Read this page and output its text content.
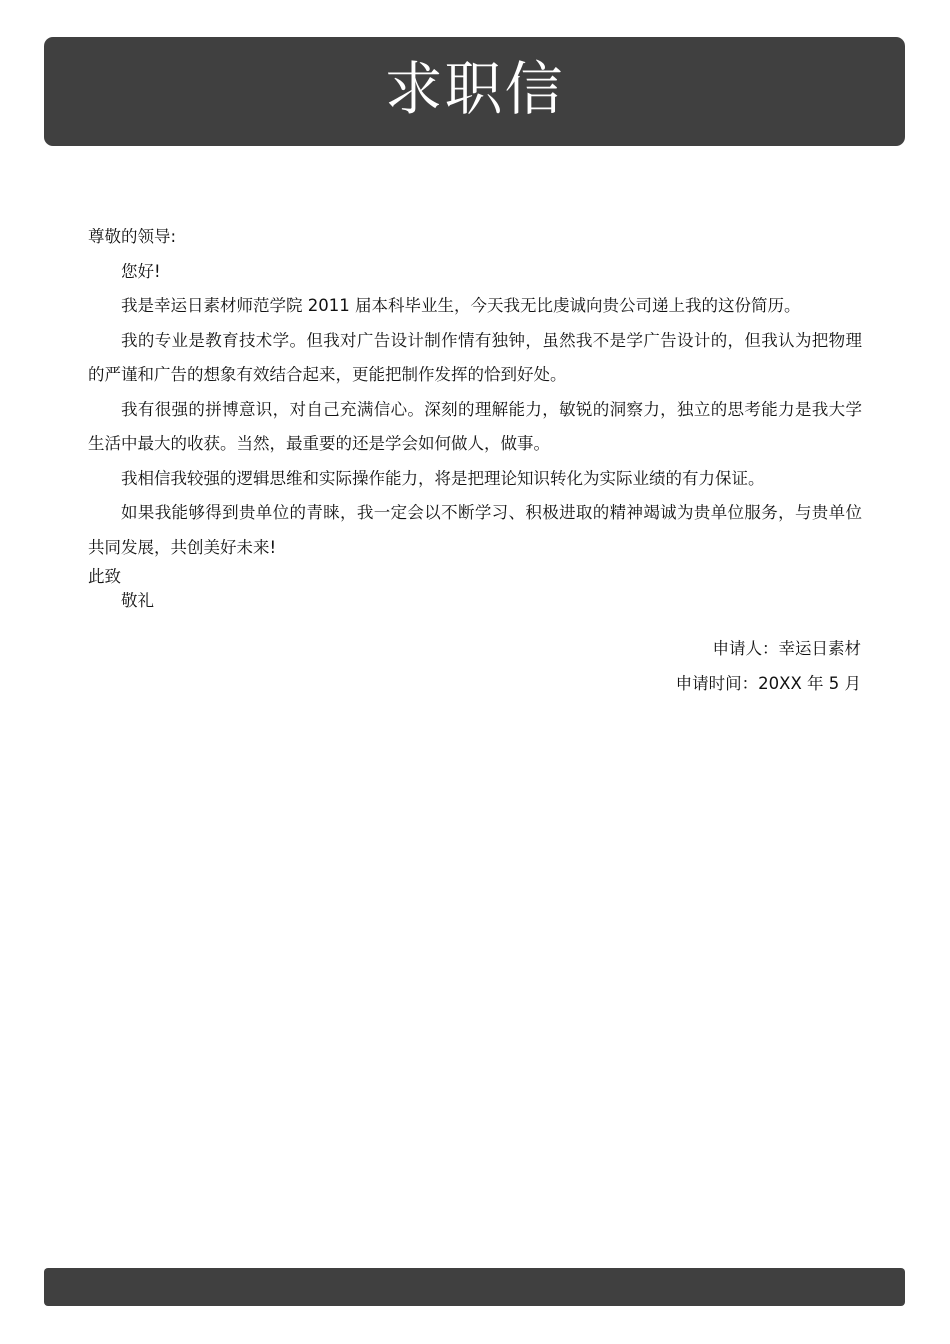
求职信

尊敬的领导:

您好!

我是幸运日素材师范学院 2011 届本科毕业生，今天我无比虔诚向贵公司递上我的这份简历。

我的专业是教育技术学。但我对广告设计制作情有独钟，虽然我不是学广告设计的，但我认为把物理的严谨和广告的想象有效结合起来，更能把制作发挥的恰到好处。

我有很强的拼博意识，对自己充满信心。深刻的理解能力，敏锐的洞察力，独立的思考能力是我大学生活中最大的收获。当然，最重要的还是学会如何做人，做事。

我相信我较强的逻辑思维和实际操作能力，将是把理论知识转化为实际业绩的有力保证。

如果我能够得到贵单位的青睐，我一定会以不断学习、积极进取的精神竭诚为贵单位服务，与贵单位共同发展，共创美好未来!

此致

敬礼

申请人：幸运日素材

申请时间：20XX 年 5 月
